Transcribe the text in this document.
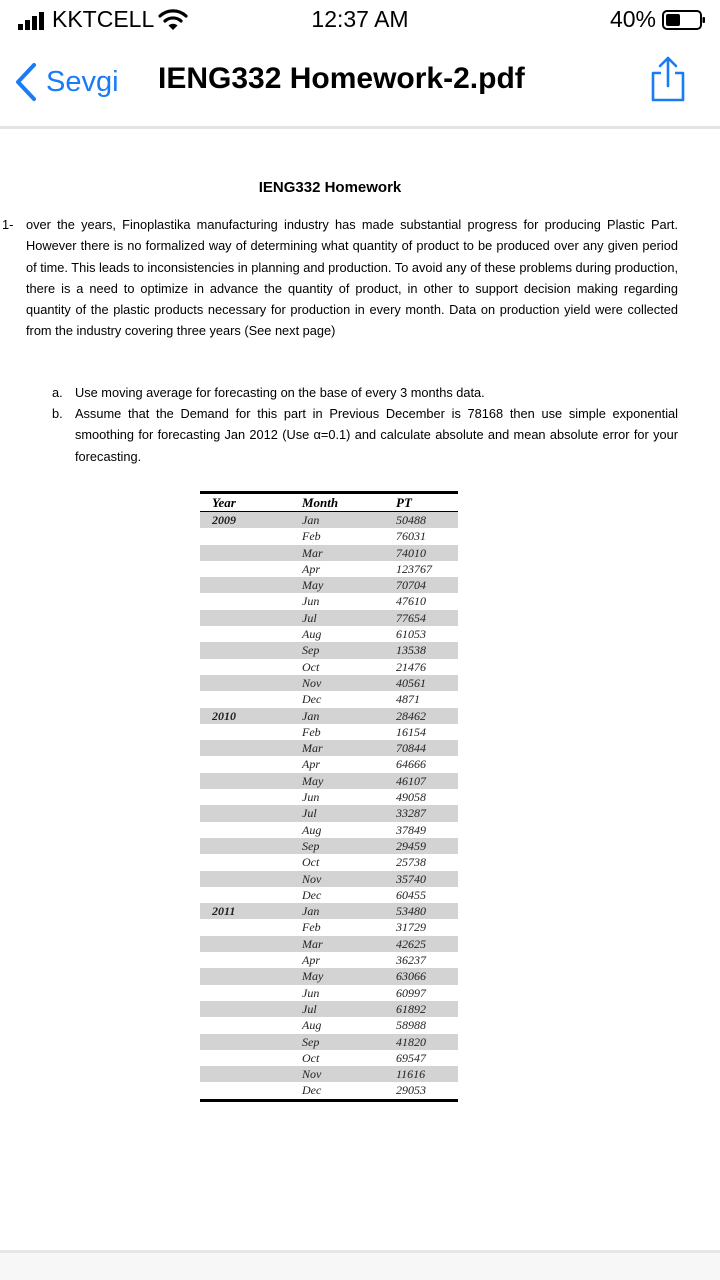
KKTCELL	12:37 AM	40%
Sevgi IENG332 Homework-2.pdf
IENG332 Homework
1- over the years, Finoplastika manufacturing industry has made substantial progress for producing Plastic Part. However there is no formalized way of determining what quantity of product to be produced over any given period of time. This leads to inconsistencies in planning and production. To avoid any of these problems during production, there is a need to optimize in advance the quantity of product, in other to support decision making regarding quantity of the plastic products necessary for production in every month. Data on production yield were collected from the industry covering three years (See next page)
a. Use moving average for forecasting on the base of every 3 months data.
b. Assume that the Demand for this part in Previous December is 78168 then use simple exponential smoothing for forecasting Jan 2012 (Use α=0.1) and calculate absolute and mean absolute error for your forecasting.
Year	Month	PT
2009	Jan	50488
Feb	76031
Mar	74010
Apr	123767
May	70704
Jun	47610
Jul	77654
Aug	61053
Sep	13538
Oct	21476
Nov	40561
Dec	4871
2010	Jan	28462
Feb	16154
Mar	70844
Apr	64666
May	46107
Jun	49058
Jul	33287
Aug	37849
Sep	29459
Oct	25738
Nov	35740
Dec	60455
2011	Jan	53480
Feb	31729
Mar	42625
Apr	36237
May	63066
Jun	60997
Jul	61892
Aug	58988
Sep	41820
Oct	69547
Nov	11616
Dec	29053
